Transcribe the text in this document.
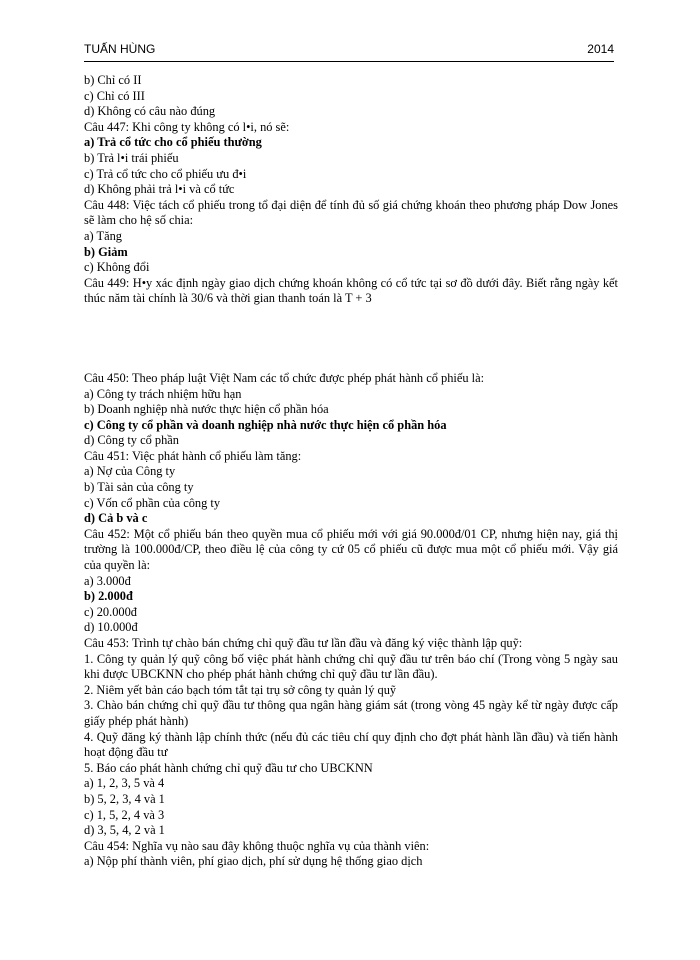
TUẤN HÙNG	2014
b) Chỉ có II
c) Chỉ có III
d) Không có câu nào đúng
Câu 447: Khi công ty không có l•i, nó sẽ:
a) Trả cổ tức cho cổ phiếu thường
b) Trả l•i trái phiếu
c) Trả cổ tức cho cổ phiếu ưu đ•i
d) Không phải trả l•i và cổ tức
Câu 448: Việc tách cổ phiếu trong tổ đại diện để tính đủ số giá chứng khoán theo phương pháp Dow Jones sẽ làm cho hệ số chia:
a) Tăng
b) Giảm
c) Không đổi
Câu 449: H•y xác định ngày giao dịch chứng khoán không có cổ tức tại sơ đồ dưới đây. Biết rằng ngày kết thúc năm tài chính là 30/6 và thời gian thanh toán là T + 3
Câu 450: Theo pháp luật Việt Nam các tổ chức được phép phát hành cổ phiếu là:
a) Công ty trách nhiệm hữu hạn
b) Doanh nghiệp nhà nước thực hiện cổ phần hóa
c) Công ty cổ phần và doanh nghiệp nhà nước thực hiện cổ phần hóa
d) Công ty cổ phần
Câu 451: Việc phát hành cổ phiếu làm tăng:
a) Nợ của Công ty
b) Tài sản của công ty
c) Vốn cổ phần của công ty
d) Cả b và c
Câu 452: Một cổ phiếu bán theo quyền mua cổ phiếu mới với giá 90.000đ/01 CP, nhưng hiện nay, giá thị trường là 100.000đ/CP, theo điều lệ của công ty cứ 05 cổ phiếu cũ được mua một cổ phiếu mới. Vậy giá của quyền là:
a) 3.000đ
b) 2.000đ
c) 20.000đ
d) 10.000đ
Câu 453: Trình tự chào bán chứng chỉ quỹ đầu tư lần đầu và đăng ký việc thành lập quỹ:
1. Công ty quản lý quỹ công bố việc phát hành chứng chỉ quỹ đầu tư trên báo chí (Trong vòng 5 ngày sau khi được UBCKNN cho phép phát hành chứng chỉ quỹ đầu tư lần đầu).
2. Niêm yết bản cáo bạch tóm tắt tại trụ sở công ty quản lý quỹ
3. Chào bán chứng chỉ quỹ đầu tư thông qua ngân hàng giám sát (trong vòng 45 ngày kể từ ngày được cấp giấy phép phát hành)
4. Quỹ đăng ký thành lập chính thức (nếu đủ các tiêu chí quy định cho đợt phát hành lần đầu) và tiến hành hoạt động đầu tư
5. Báo cáo phát hành chứng chỉ quỹ đầu tư cho UBCKNN
a) 1, 2, 3, 5 và 4
b) 5, 2, 3, 4 và 1
c) 1, 5, 2, 4 và 3
d) 3, 5, 4, 2 và 1
Câu 454: Nghĩa vụ nào sau đây không thuộc nghĩa vụ của thành viên:
a) Nộp phí thành viên, phí giao dịch, phí sử dụng hệ thống giao dịch
